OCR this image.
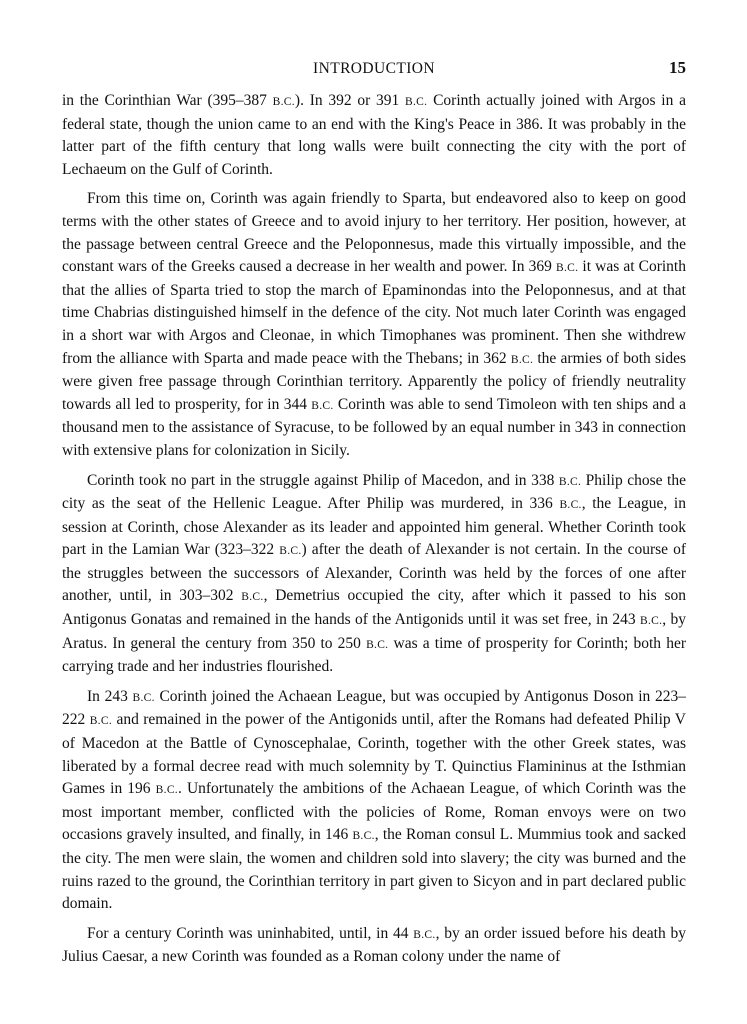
INTRODUCTION	15

in the Corinthian War (395–387 B.C.). In 392 or 391 B.C. Corinth actually joined with Argos in a federal state, though the union came to an end with the King's Peace in 386. It was probably in the latter part of the fifth century that long walls were built connecting the city with the port of Lechaeum on the Gulf of Corinth.

From this time on, Corinth was again friendly to Sparta, but endeavored also to keep on good terms with the other states of Greece and to avoid injury to her territory. Her position, however, at the passage between central Greece and the Peloponnesus, made this virtually impossible, and the constant wars of the Greeks caused a decrease in her wealth and power. In 369 B.C. it was at Corinth that the allies of Sparta tried to stop the march of Epaminondas into the Peloponnesus, and at that time Chabrias distinguished himself in the defence of the city. Not much later Corinth was engaged in a short war with Argos and Cleonae, in which Timophanes was prominent. Then she withdrew from the alliance with Sparta and made peace with the Thebans; in 362 B.C. the armies of both sides were given free passage through Corinthian territory. Apparently the policy of friendly neutrality towards all led to prosperity, for in 344 B.C. Corinth was able to send Timoleon with ten ships and a thousand men to the assistance of Syracuse, to be followed by an equal number in 343 in connection with extensive plans for colonization in Sicily.

Corinth took no part in the struggle against Philip of Macedon, and in 338 B.C. Philip chose the city as the seat of the Hellenic League. After Philip was murdered, in 336 B.C., the League, in session at Corinth, chose Alexander as its leader and appointed him general. Whether Corinth took part in the Lamian War (323–322 B.C.) after the death of Alexander is not certain. In the course of the struggles between the successors of Alexander, Corinth was held by the forces of one after another, until, in 303–302 B.C., Demetrius occupied the city, after which it passed to his son Antigonus Gonatas and remained in the hands of the Antigonids until it was set free, in 243 B.C., by Aratus. In general the century from 350 to 250 B.C. was a time of prosperity for Corinth; both her carrying trade and her industries flourished.

In 243 B.C. Corinth joined the Achaean League, but was occupied by Antigonus Doson in 223–222 B.C. and remained in the power of the Antigonids until, after the Romans had defeated Philip V of Macedon at the Battle of Cynoscephalae, Corinth, together with the other Greek states, was liberated by a formal decree read with much solemnity by T. Quinctius Flamininus at the Isthmian Games in 196 B.C.. Unfortunately the ambitions of the Achaean League, of which Corinth was the most important member, conflicted with the policies of Rome, Roman envoys were on two occasions gravely insulted, and finally, in 146 B.C., the Roman consul L. Mummius took and sacked the city. The men were slain, the women and children sold into slavery; the city was burned and the ruins razed to the ground, the Corinthian territory in part given to Sicyon and in part declared public domain.

For a century Corinth was uninhabited, until, in 44 B.C., by an order issued before his death by Julius Caesar, a new Corinth was founded as a Roman colony under the name of
